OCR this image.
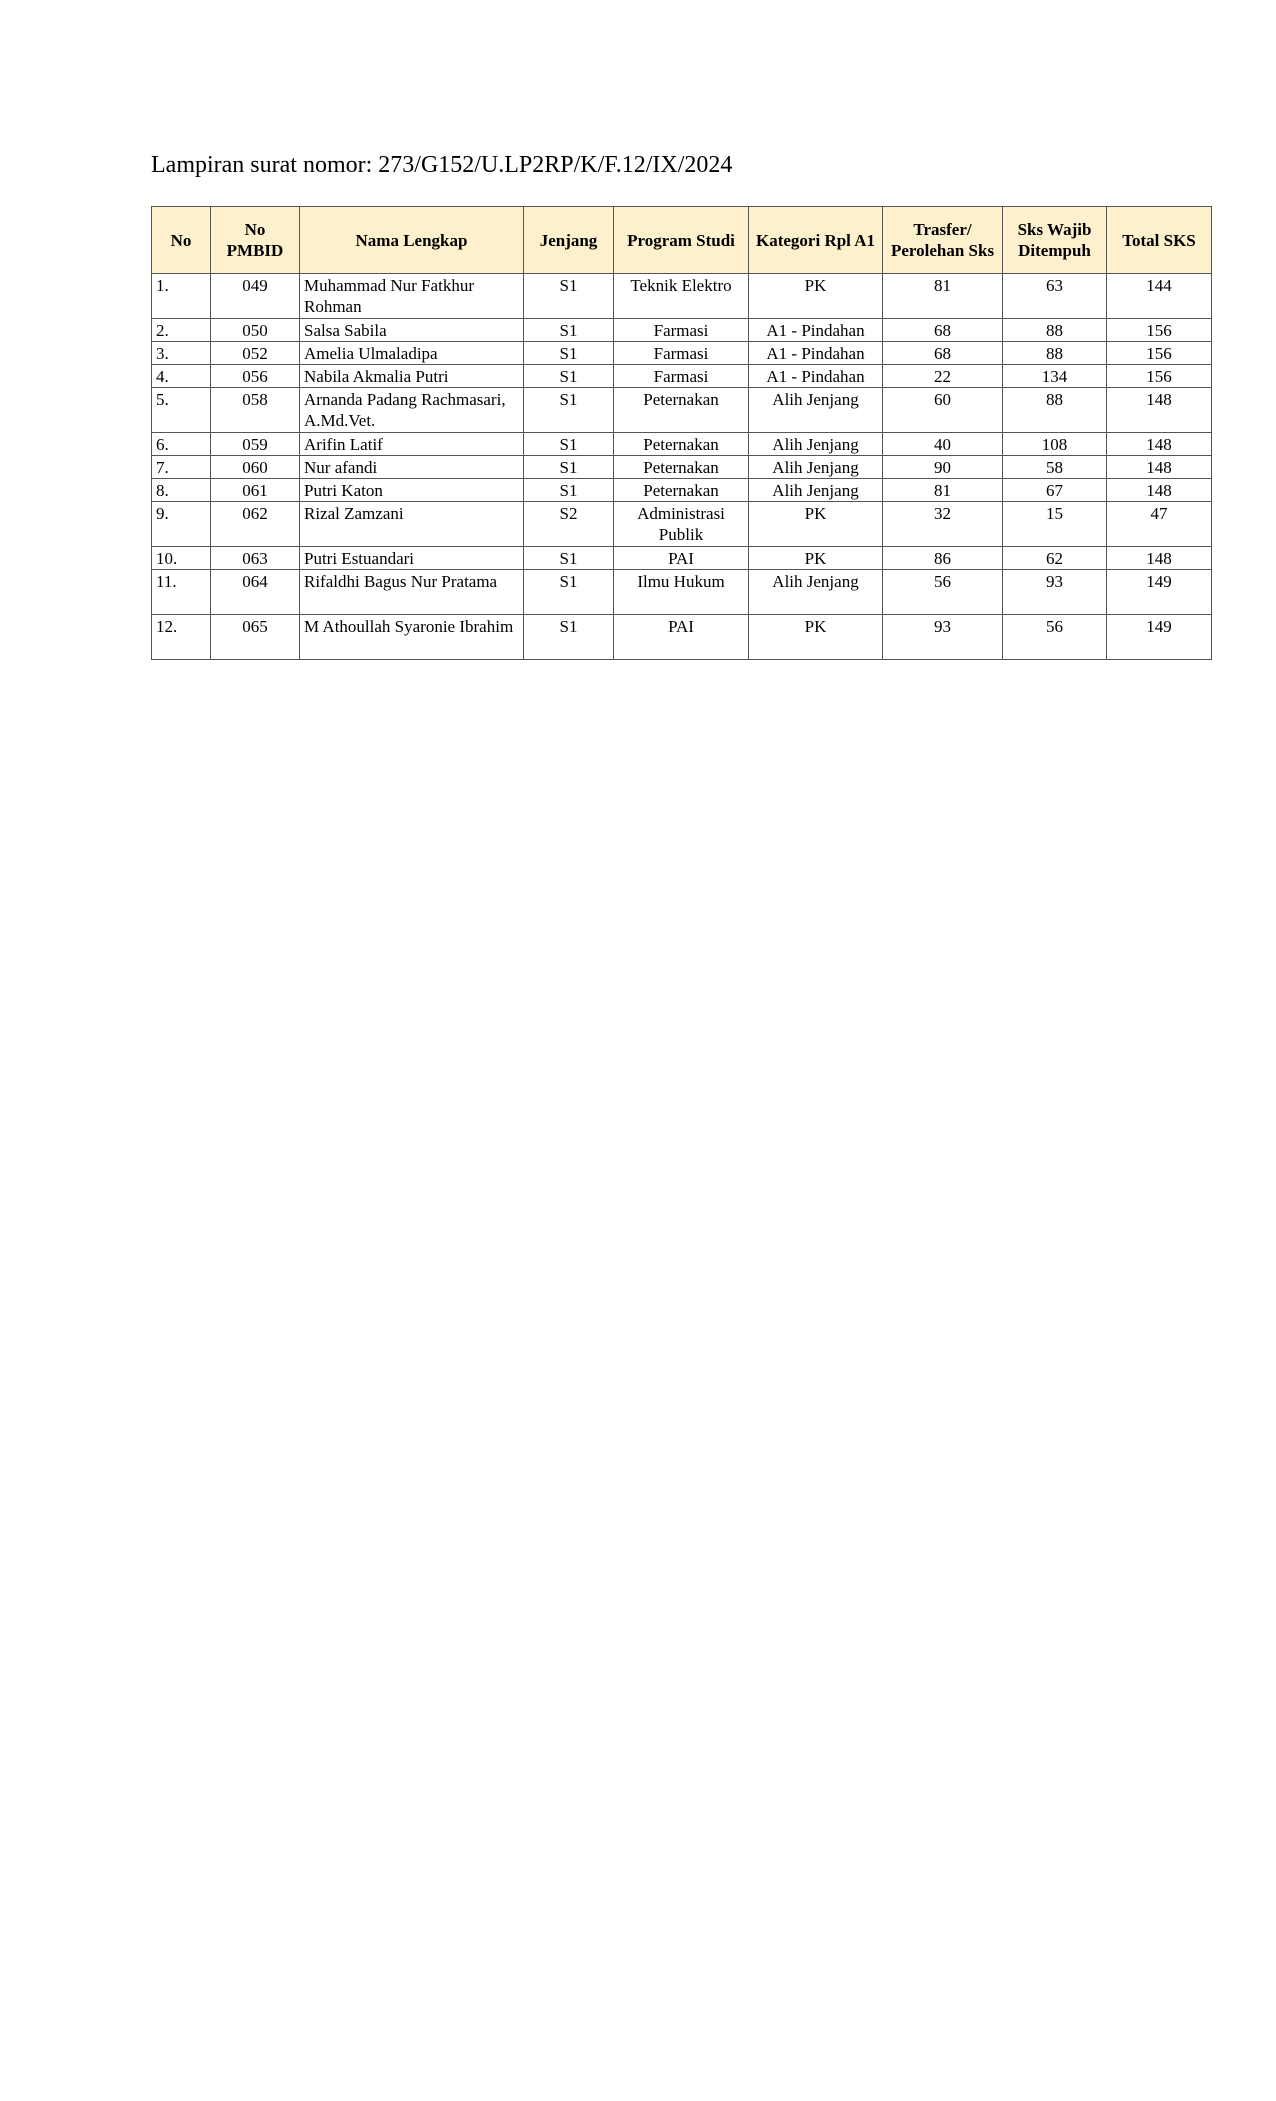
Lampiran surat nomor: 273/G152/U.LP2RP/K/F.12/IX/2024
No	No PMBID	Nama Lengkap	Jenjang	Program Studi	Kategori Rpl A1	Trasfer/ Perolehan Sks	Sks Wajib Ditempuh	Total SKS
1.	049	Muhammad Nur Fatkhur Rohman	S1	Teknik Elektro	PK	81	63	144
2.	050	Salsa Sabila	S1	Farmasi	A1 - Pindahan	68	88	156
3.	052	Amelia Ulmaladipa	S1	Farmasi	A1 - Pindahan	68	88	156
4.	056	Nabila Akmalia Putri	S1	Farmasi	A1 - Pindahan	22	134	156
5.	058	Arnanda Padang Rachmasari, A.Md.Vet.	S1	Peternakan	Alih Jenjang	60	88	148
6.	059	Arifin Latif	S1	Peternakan	Alih Jenjang	40	108	148
7.	060	Nur afandi	S1	Peternakan	Alih Jenjang	90	58	148
8.	061	Putri Katon	S1	Peternakan	Alih Jenjang	81	67	148
9.	062	Rizal Zamzani	S2	Administrasi Publik	PK	32	15	47
10.	063	Putri Estuandari	S1	PAI	PK	86	62	148
11.	064	Rifaldhi Bagus Nur Pratama	S1	Ilmu Hukum	Alih Jenjang	56	93	149
12.	065	M Athoullah Syaronie Ibrahim	S1	PAI	PK	93	56	149
